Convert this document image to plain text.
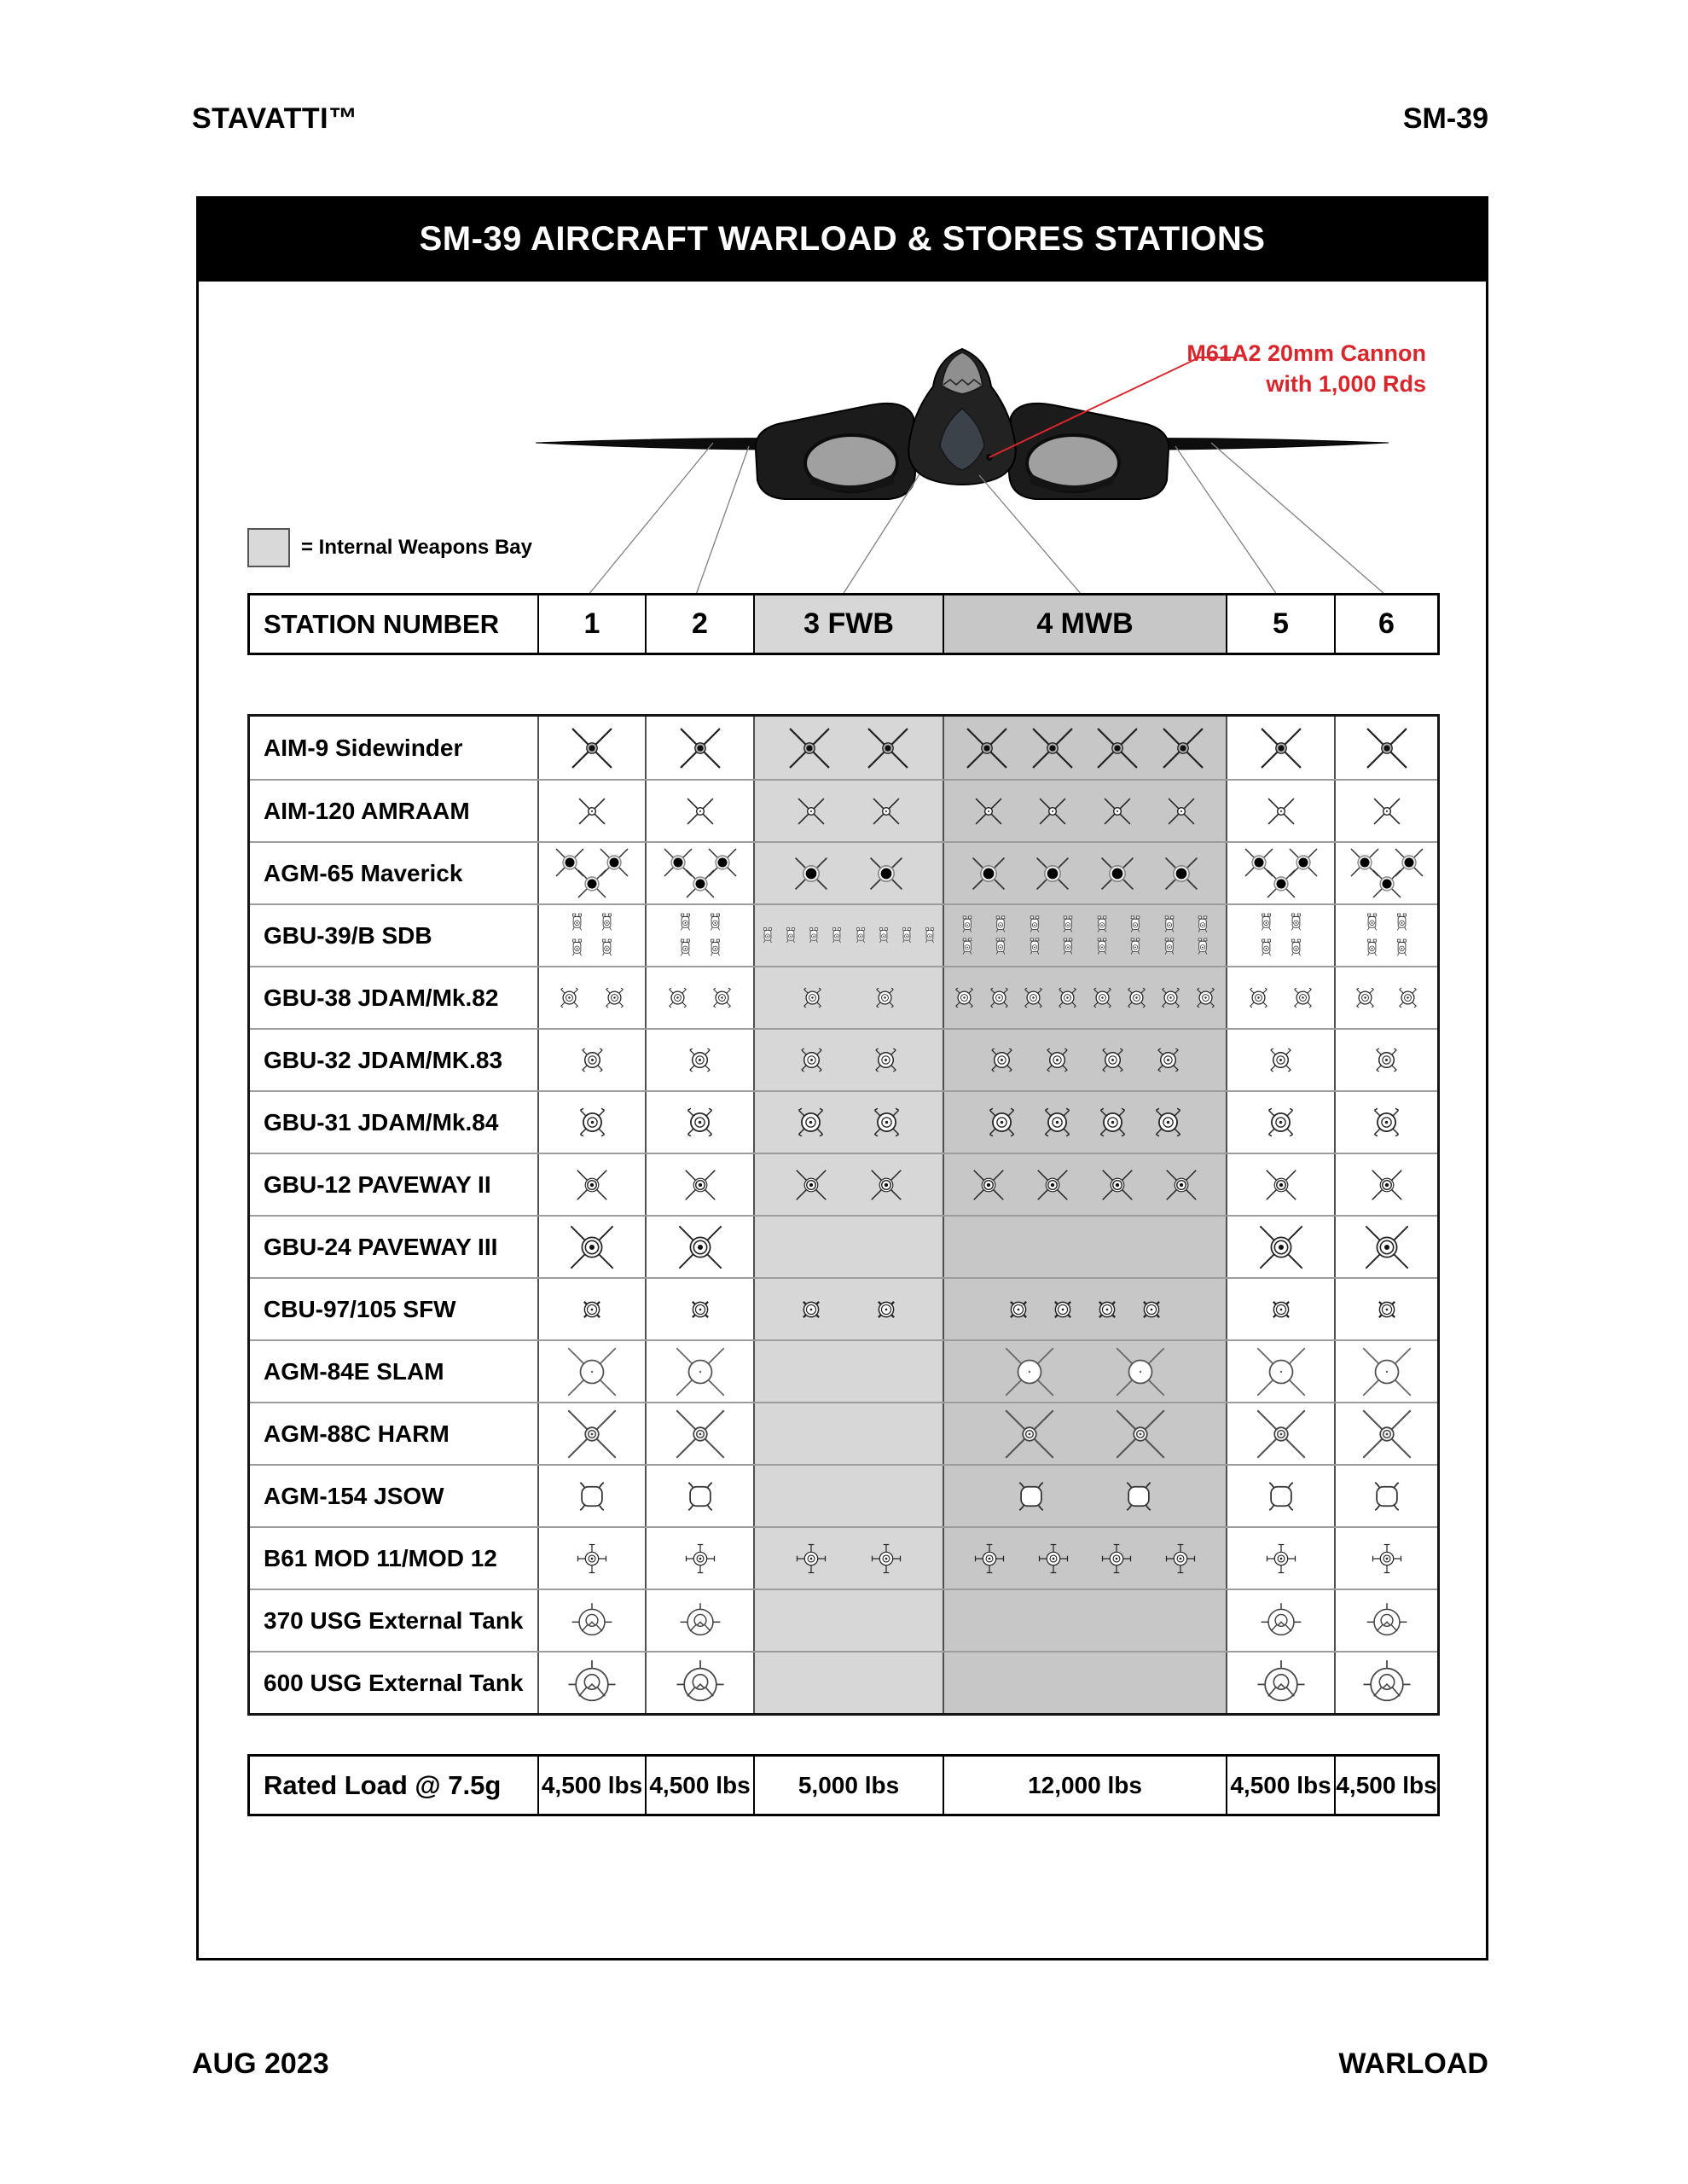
STAVATTI™	SM-39
SM-39 AIRCRAFT WARLOAD & STORES STATIONS
M61A2 20mm Cannon
with 1,000 Rds
= Internal Weapons Bay
STATION NUMBER	1	2	3 FWB	4 MWB	5	6
AIM-9 Sidewinder
AIM-120 AMRAAM
AGM-65 Maverick
GBU-39/B SDB
GBU-38 JDAM/Mk.82
GBU-32 JDAM/MK.83
GBU-31 JDAM/Mk.84
GBU-12 PAVEWAY II
GBU-24 PAVEWAY III
CBU-97/105 SFW
AGM-84E SLAM
AGM-88C HARM
AGM-154 JSOW
B61 MOD 11/MOD 12
370 USG External Tank
600 USG External Tank
Rated Load @ 7.5g	4,500 lbs 4,500 lbs	5,000 lbs	12,000 lbs	4,500 lbs 4,500 lbs
AUG 2023	WARLOAD
